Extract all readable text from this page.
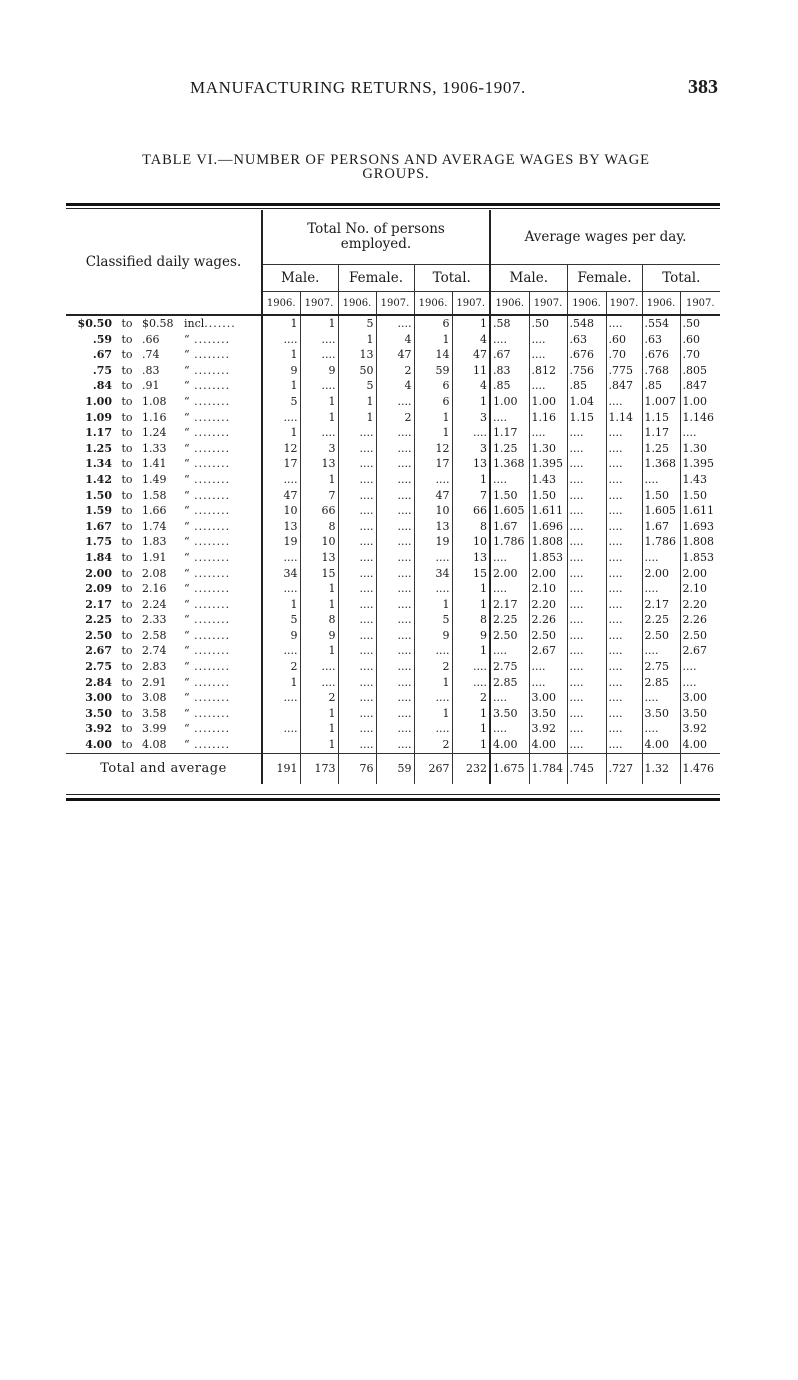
MANUFACTURING RETURNS, 1906-1907.	383
TABLE VI.—NUMBER OF PERSONS AND AVERAGE WAGES BY WAGE
GROUPS.
Classified daily wages.	Total No. of persons employed.						Average wages per day.					
	Male.		Female.		Total.		Male.		Female.		Total.	
	1906.	1907.	1906.	1907.	1906.	1907.	1906.	1907.	1906.	1907.	1906.	1907.
$0.50 to $0.58 incl.......	1	1	5	....	6	1	.58	.50	.548	....	.554	.50
.59 to .66 “ ........	....	....	1	4	1	4	....	....	.63	.60	.63	.60
.67 to .74 “ ........	1	....	13	47	14	47	.67	....	.676	.70	.676	.70
.75 to .83 “ ........	9	9	50	2	59	11	.83	.812	.756	.775	.768	.805
.84 to .91 “ ........	1	....	5	4	6	4	.85	....	.85	.847	.85	.847
1.00 to 1.08 “ ........	5	1	1	....	6	1	1.00	1.00	1.04	....	1.007	1.00
1.09 to 1.16 “ ........	....	1	1	2	1	3	....	1.16	1.15	1.14	1.15	1.146
1.17 to 1.24 “ ........	1	....	....	....	1	....	1.17	....	....	....	1.17	....
1.25 to 1.33 “ ........	12	3	....	....	12	3	1.25	1.30	....	....	1.25	1.30
1.34 to 1.41 “ ........	17	13	....	....	17	13	1.368	1.395	....	....	1.368	1.395
1.42 to 1.49 “ ........	....	1	....	....	....	1	....	1.43	....	....	....	1.43
1.50 to 1.58 “ ........	47	7	....	....	47	7	1.50	1.50	....	....	1.50	1.50
1.59 to 1.66 “ ........	10	66	....	....	10	66	1.605	1.611	....	....	1.605	1.611
1.67 to 1.74 “ ........	13	8	....	....	13	8	1.67	1.696	....	....	1.67	1.693
1.75 to 1.83 “ ........	19	10	....	....	19	10	1.786	1.808	....	....	1.786	1.808
1.84 to 1.91 “ ........	....	13	....	....	....	13	....	1.853	....	....	....	1.853
2.00 to 2.08 “ ........	34	15	....	....	34	15	2.00	2.00	....	....	2.00	2.00
2.09 to 2.16 “ ........	....	1	....	....	....	1	....	2.10	....	....	....	2.10
2.17 to 2.24 “ ........	1	1	....	....	1	1	2.17	2.20	....	....	2.17	2.20
2.25 to 2.33 “ ........	5	8	....	....	5	8	2.25	2.26	....	....	2.25	2.26
2.50 to 2.58 “ ........	9	9	....	....	9	9	2.50	2.50	....	....	2.50	2.50
2.67 to 2.74 “ ........	....	1	....	....	....	1	....	2.67	....	....	....	2.67
2.75 to 2.83 “ ........	2	....	....	....	2	....	2.75	....	....	....	2.75	....
2.84 to 2.91 “ ........	1	....	....	....	1	....	2.85	....	....	....	2.85	....
3.00 to 3.08 “ ........	....	2	....	....	....	2	....	3.00	....	....	....	3.00
3.50 to 3.58 “ ........		1	....	....	1	1	3.50	3.50	....	....	3.50	3.50
3.92 to 3.99 “ ........	....	1	....	....	....	1	....	3.92	....	....	....	3.92
4.00 to 4.08 “ ........		1	....	....	2	1	4.00	4.00	....	....	4.00	4.00
Total and average	191	173	76	59	267	232	1.675	1.784	.745	.727	1.32	1.476
